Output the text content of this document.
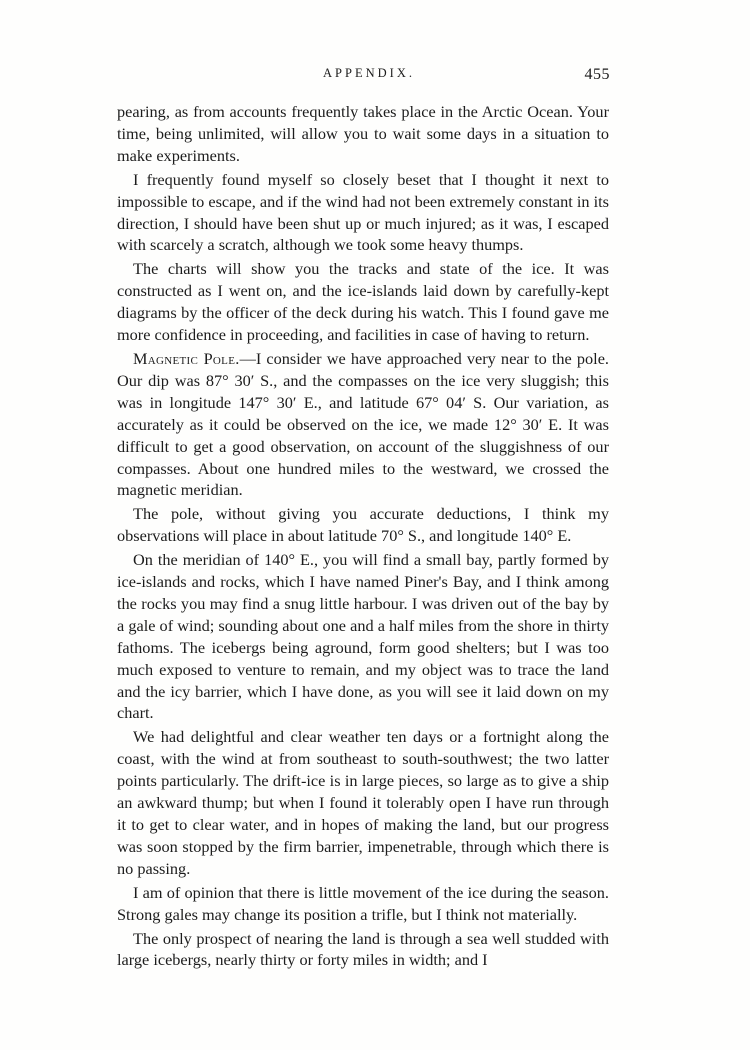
APPENDIX.	455

pearing, as from accounts frequently takes place in the Arctic Ocean. Your time, being unlimited, will allow you to wait some days in a situation to make experiments.

I frequently found myself so closely beset that I thought it next to impossible to escape, and if the wind had not been extremely constant in its direction, I should have been shut up or much injured; as it was, I escaped with scarcely a scratch, although we took some heavy thumps.

The charts will show you the tracks and state of the ice. It was constructed as I went on, and the ice-islands laid down by carefully-kept diagrams by the officer of the deck during his watch. This I found gave me more confidence in proceeding, and facilities in case of having to return.

Magnetic Pole.—I consider we have approached very near to the pole. Our dip was 87° 30′ S., and the compasses on the ice very sluggish; this was in longitude 147° 30′ E., and latitude 67° 04′ S. Our variation, as accurately as it could be observed on the ice, we made 12° 30′ E. It was difficult to get a good observation, on account of the sluggishness of our compasses. About one hundred miles to the westward, we crossed the magnetic meridian.

The pole, without giving you accurate deductions, I think my observations will place in about latitude 70° S., and longitude 140° E.

On the meridian of 140° E., you will find a small bay, partly formed by ice-islands and rocks, which I have named Piner's Bay, and I think among the rocks you may find a snug little harbour. I was driven out of the bay by a gale of wind; sounding about one and a half miles from the shore in thirty fathoms. The icebergs being aground, form good shelters; but I was too much exposed to venture to remain, and my object was to trace the land and the icy barrier, which I have done, as you will see it laid down on my chart.

We had delightful and clear weather ten days or a fortnight along the coast, with the wind at from southeast to south-southwest; the two latter points particularly. The drift-ice is in large pieces, so large as to give a ship an awkward thump; but when I found it tolerably open I have run through it to get to clear water, and in hopes of making the land, but our progress was soon stopped by the firm barrier, impenetrable, through which there is no passing.

I am of opinion that there is little movement of the ice during the season. Strong gales may change its position a trifle, but I think not materially.

The only prospect of nearing the land is through a sea well studded with large icebergs, nearly thirty or forty miles in width; and I
